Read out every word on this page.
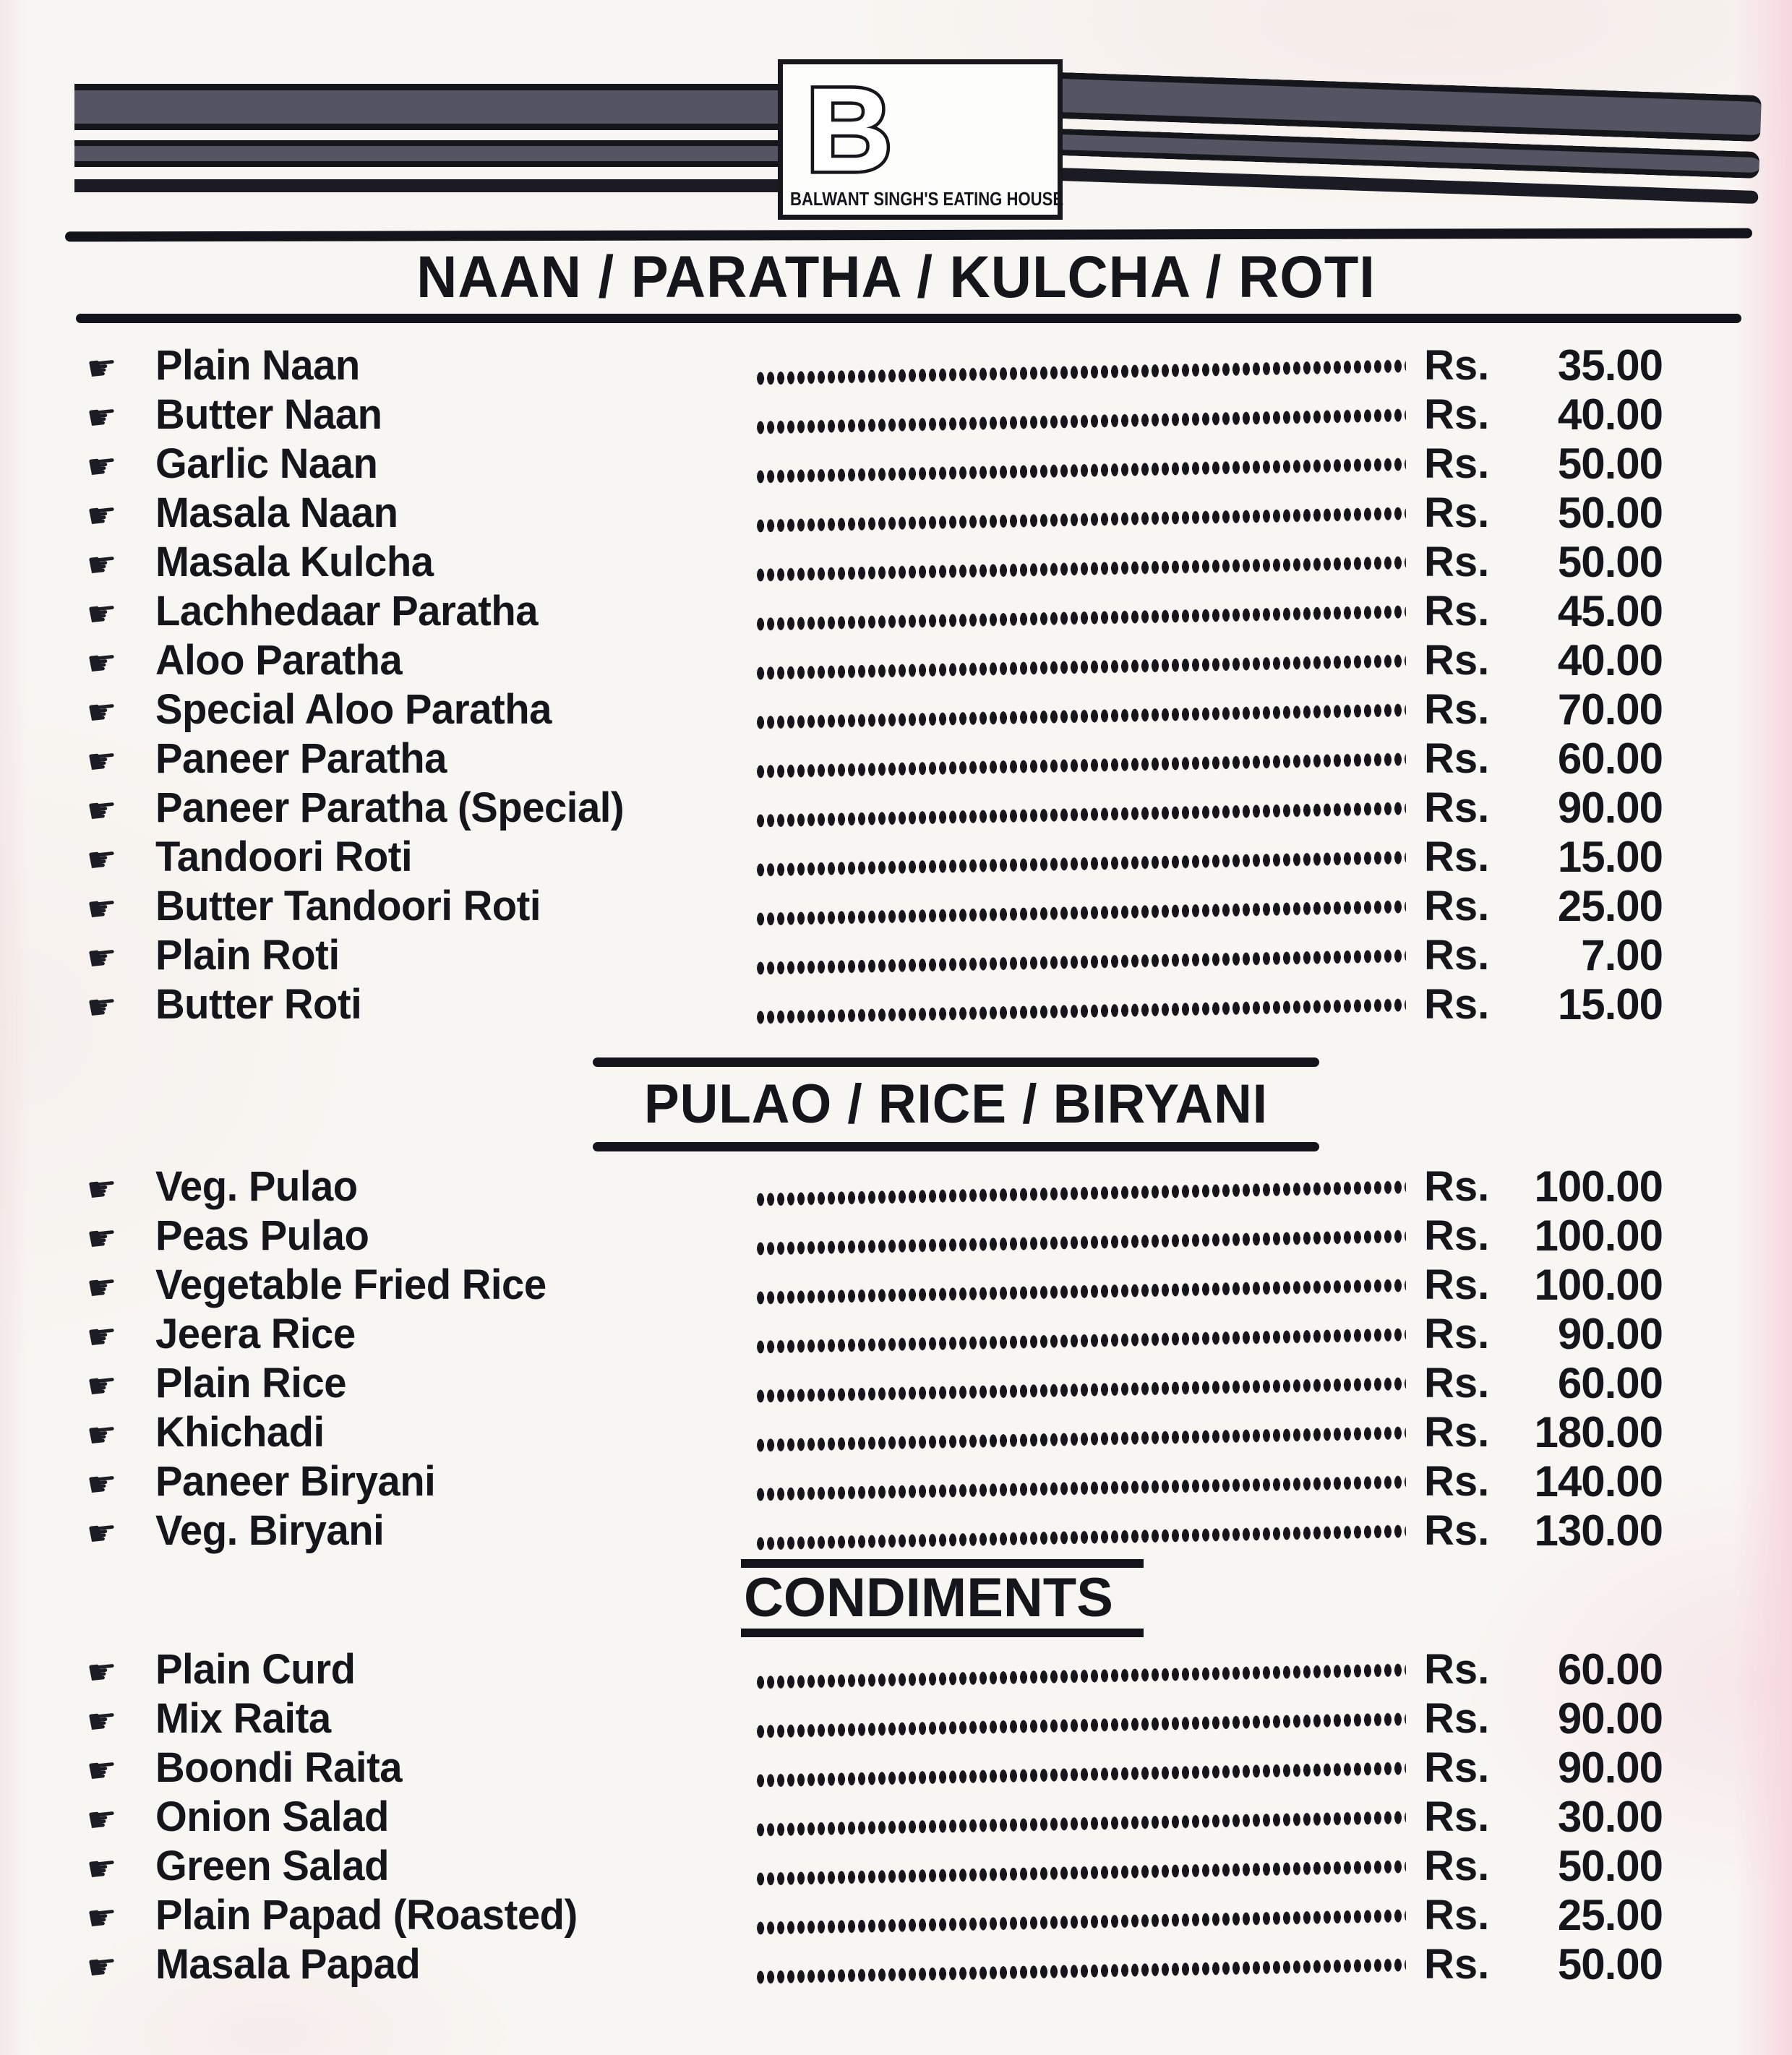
B
BALWANT SINGH'S EATING HOUSE
NAAN / PARATHA / KULCHA / ROTI
☛ Plain Naan	Rs.	35.00
☛ Butter Naan	Rs.	40.00
☛ Garlic Naan	Rs.	50.00
☛ Masala Naan	Rs.	50.00
☛ Masala Kulcha	Rs.	50.00
☛ Lachhedaar Paratha	Rs.	45.00
☛ Aloo Paratha	Rs.	40.00
☛ Special Aloo Paratha	Rs.	70.00
☛ Paneer Paratha	Rs.	60.00
☛ Paneer Paratha (Special)	Rs.	90.00
☛ Tandoori Roti	Rs.	15.00
☛ Butter Tandoori Roti	Rs.	25.00
☛ Plain Roti	Rs.	7.00
☛ Butter Roti	Rs.	15.00
PULAO / RICE / BIRYANI
☛ Veg. Pulao	Rs.	100.00
☛ Peas Pulao	Rs.	100.00
☛ Vegetable Fried Rice	Rs.	100.00
☛ Jeera Rice	Rs.	90.00
☛ Plain Rice	Rs.	60.00
☛ Khichadi	Rs.	180.00
☛ Paneer Biryani	Rs.	140.00
☛ Veg. Biryani	Rs.	130.00
CONDIMENTS
☛ Plain Curd	Rs.	60.00
☛ Mix Raita	Rs.	90.00
☛ Boondi Raita	Rs.	90.00
☛ Onion Salad	Rs.	30.00
☛ Green Salad	Rs.	50.00
☛ Plain Papad (Roasted)	Rs.	25.00
☛ Masala Papad	Rs.	50.00
